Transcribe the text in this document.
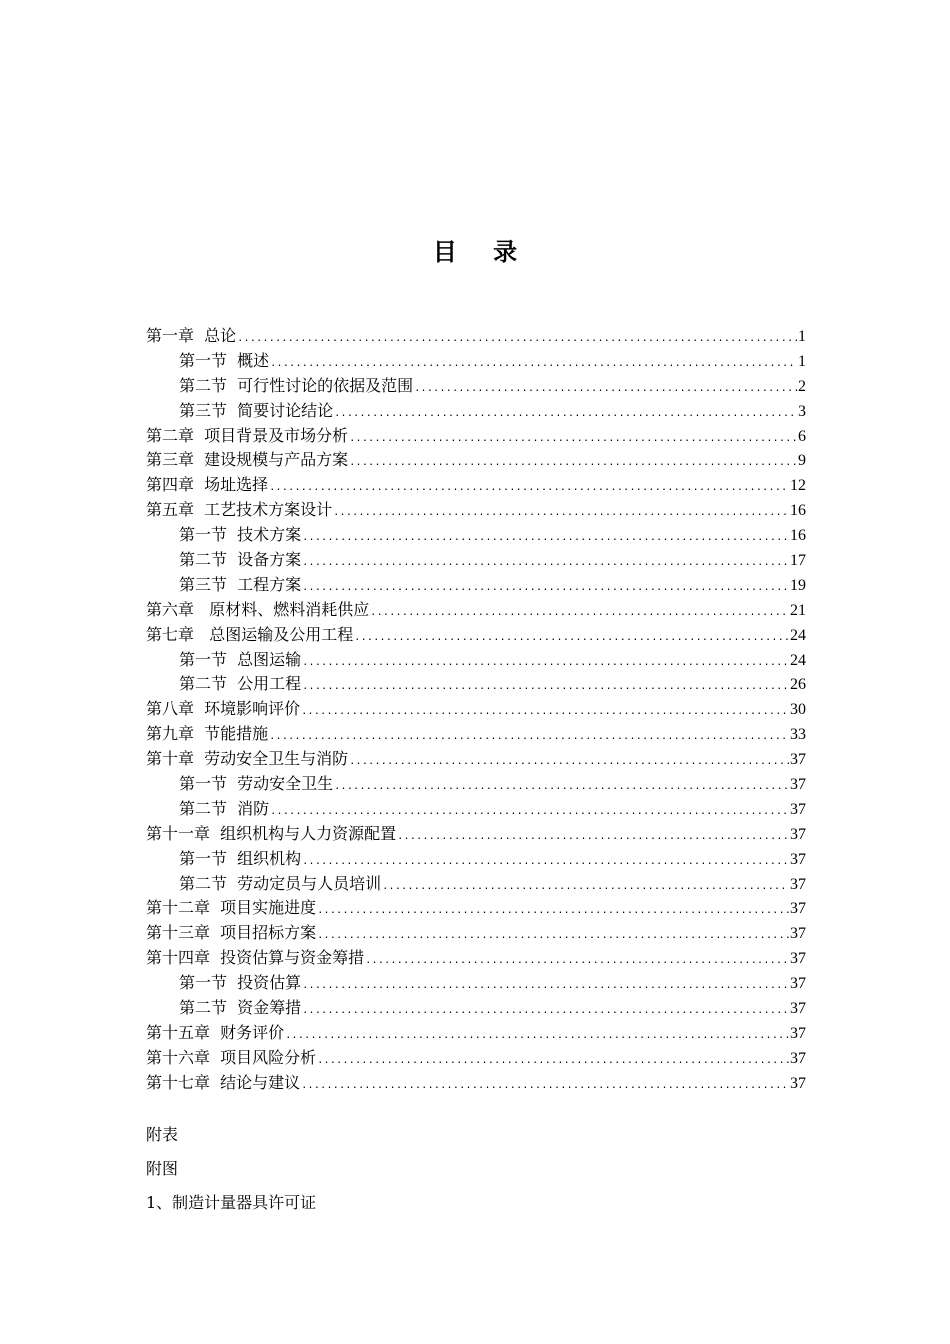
目 录
第一章  总论 .....	1
第一节  概述 .....	1
第二节  可行性讨论的依据及范围 .....	2
第三节  简要讨论结论 .....	3
第二章  项目背景及市场分析 .....	6
第三章  建设规模与产品方案 .....	9
第四章  场址选择 .....	12
第五章  工艺技术方案设计 .....	16
第一节  技术方案 .....	16
第二节  设备方案 .....	17
第三节  工程方案 .....	19
第六章   原材料、燃料消耗供应 .....	21
第七章   总图运输及公用工程 .....	24
第一节  总图运输 .....	24
第二节  公用工程 .....	26
第八章  环境影响评价 .....	30
第九章  节能措施 .....	33
第十章  劳动安全卫生与消防 .....	37
第一节  劳动安全卫生 .....	37
第二节  消防 .....	37
第十一章  组织机构与人力资源配置 .....	37
第一节  组织机构 .....	37
第二节  劳动定员与人员培训 .....	37
第十二章  项目实施进度 .....	37
第十三章  项目招标方案 .....	37
第十四章  投资估算与资金筹措 .....	37
第一节  投资估算 .....	37
第二节  资金筹措 .....	37
第十五章  财务评价 .....	37
第十六章  项目风险分析 .....	37
第十七章  结论与建议 .....	37
附表
附图
1、制造计量器具许可证
